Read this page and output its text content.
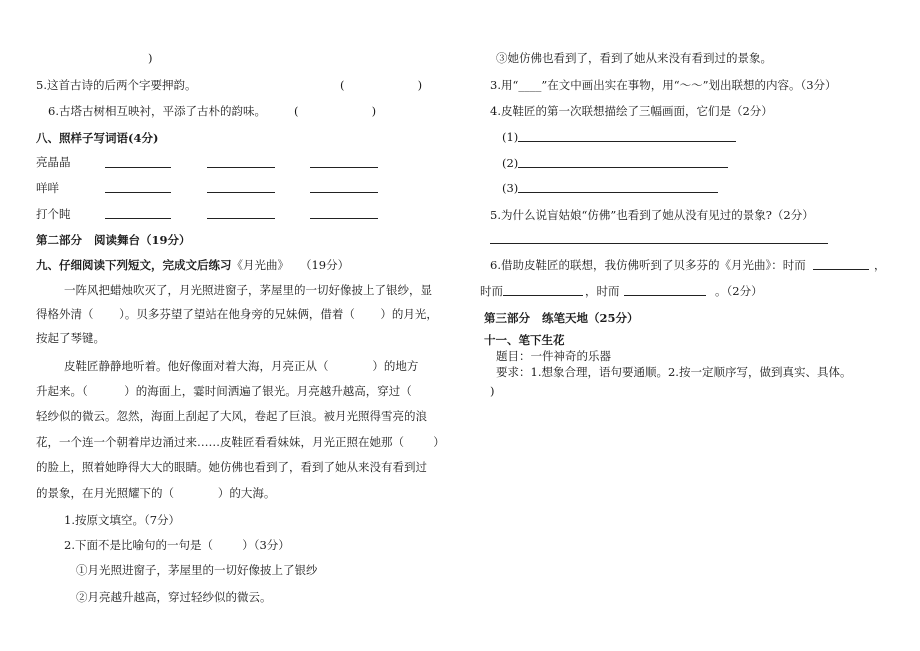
)
5.这首古诗的后两个字要押韵。	(                    )
6.古塔古树相互映衬，平添了古朴的韵味。 (                    )
八、照样子写词语(4分)
亮晶晶
咩咩
打个盹
第二部分   阅读舞台（19分）
九、仔细阅读下列短文，完成文后练习《月光曲》 （19分）
一阵风把蜡烛吹灭了，月光照进窗子，茅屋里的一切好像披上了银纱，显
得格外清（       ）。贝多芬望了望站在他身旁的兄妹俩，借着（       ）的月光，
按起了琴键。
皮鞋匠静静地听着。他好像面对着大海，月亮正从（            ）的地方
升起来。（          ）的海面上，霎时间洒遍了银光。月亮越升越高，穿过（
轻纱似的微云。忽然，海面上刮起了大风，卷起了巨浪。被月光照得雪亮的浪
花，一个连一个朝着岸边涌过来……皮鞋匠看看妹妹，月光正照在她那（        ）
的脸上，照着她睁得大大的眼睛。她仿佛也看到了，看到了她从来没有看到过
的景象，在月光照耀下的（            ）的大海。
1.按原文填空。（7分）
2.下面不是比喻句的一句是（        ）（3分）
①月光照进窗子，茅屋里的一切好像披上了银纱
②月亮越升越高，穿过轻纱似的微云。
③她仿佛也看到了，看到了她从来没有看到过的景象。
3.用“____”在文中画出实在事物，用“～～”划出联想的内容。（3分）
4.皮鞋匠的第一次联想描绘了三幅画面，它们是（2分）
(1)
(2)
(3)
5.为什么说盲姑娘“仿佛”也看到了她从没有见过的景象?（2分）
6.借助皮鞋匠的联想，我仿佛听到了贝多芬的《月光曲》：时而	，
时而	，时而	。（2分）
第三部分   练笔天地（25分）
十一、笔下生花
题目：一件神奇的乐器
要求：1.想象合理，语句要通顺。2.按一定顺序写，做到真实、具体。
)
